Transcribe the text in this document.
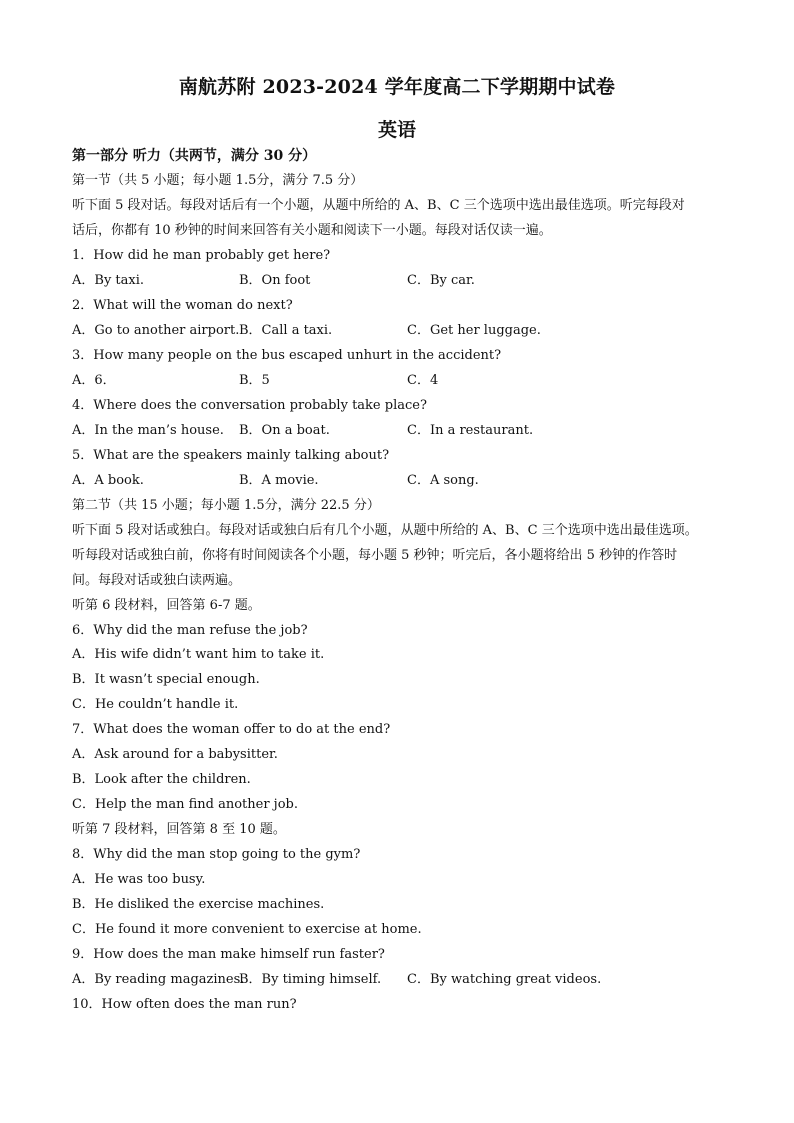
南航苏附 2023-2024 学年度高二下学期期中试卷
英语
第一部分 听力（共两节，满分 30 分）
第一节（共 5 小题；每小题 1.5分，满分 7.5 分）
听下面 5 段对话。每段对话后有一个小题，从题中所给的 A、B、C 三个选项中选出最佳选项。听完每段对
话后，你都有 10 秒钟的时间来回答有关小题和阅读下一小题。每段对话仅读一遍。
1．How did he man probably get here?
A．By taxi.	B．On foot	C．By car.
2．What will the woman do next?
A．Go to another airport. B．Call a taxi.	C．Get her luggage.
3．How many people on the bus escaped unhurt in the accident?
A．6．	B．5	C．4
4．Where does the conversation probably take place?
A．In the man’s house. B．On a boat.	C．In a restaurant.
5．What are the speakers mainly talking about?
A．A book.	B．A movie.	C．A song.
第二节（共 15 小题；每小题 1.5分，满分 22.5 分）
听下面 5 段对话或独白。每段对话或独白后有几个小题，从题中所给的 A、B、C 三个选项中选出最佳选项。
听每段对话或独白前，你将有时间阅读各个小题，每小题 5 秒钟；听完后，各小题将给出 5 秒钟的作答时
间。每段对话或独白读两遍。
听第 6 段材料，回答第 6-7 题。
6．Why did the man refuse the job?
A．His wife didn’t want him to take it.
B．It wasn’t special enough.
C．He couldn’t handle it.
7．What does the woman offer to do at the end?
A．Ask around for a babysitter.
B．Look after the children.
C．Help the man find another job.
听第 7 段材料，回答第 8 至 10 题。
8．Why did the man stop going to the gym?
A．He was too busy.
B．He disliked the exercise machines.
C．He found it more convenient to exercise at home.
9．How does the man make himself run faster?
A．By reading magazines.
B．By timing himself. C．By watching great videos.
10．How often does the man run?
